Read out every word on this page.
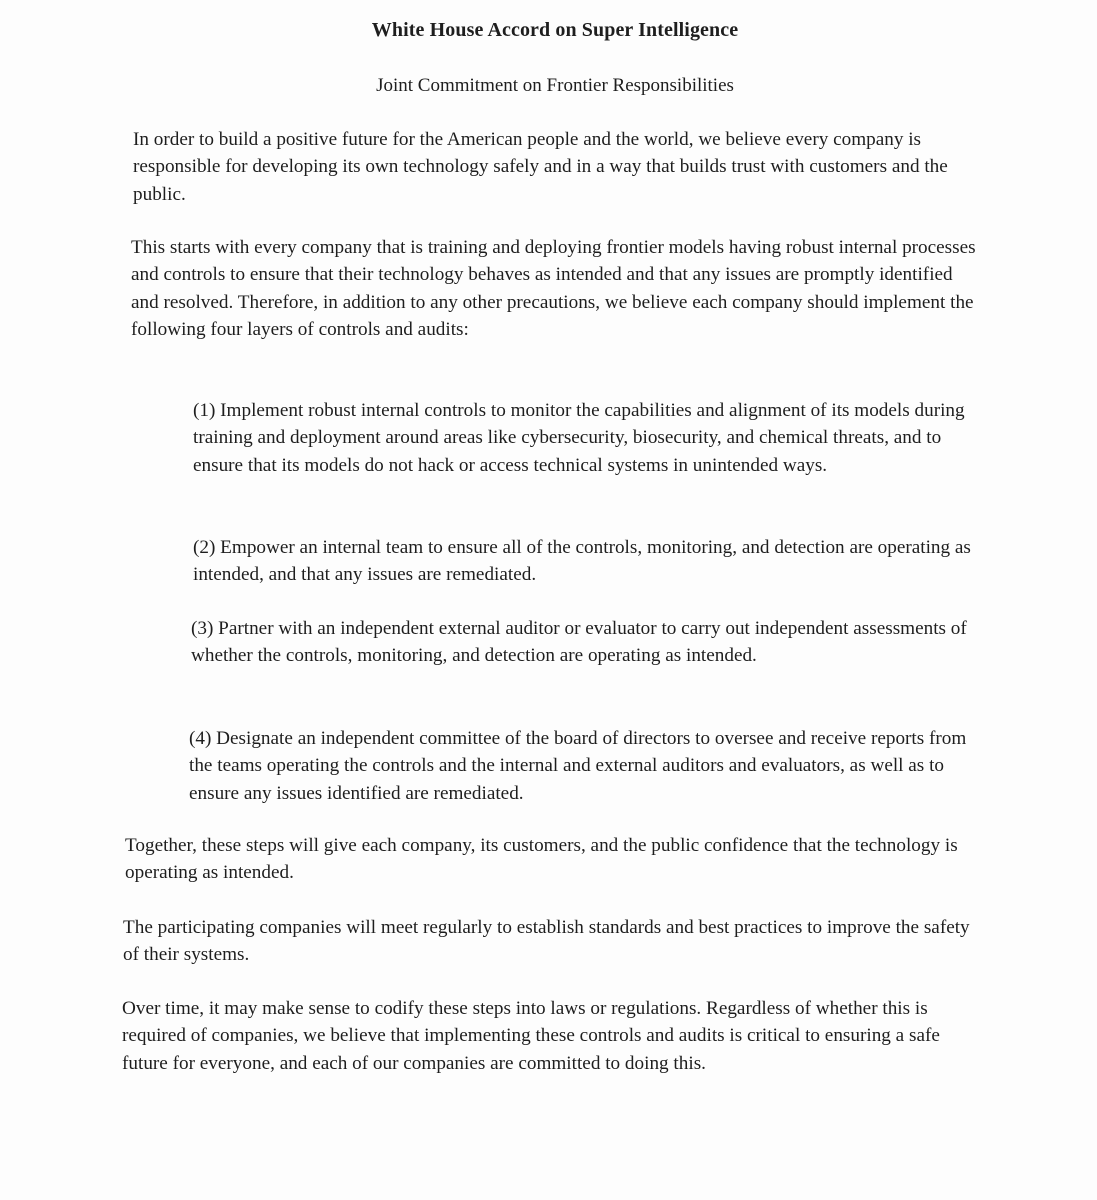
White House Accord on Super Intelligence
Joint Commitment on Frontier Responsibilities

In order to build a positive future for the American people and the world, we believe every company is responsible for developing its own technology safely and in a way that builds trust with customers and the public.

This starts with every company that is training and deploying frontier models having robust internal processes and controls to ensure that their technology behaves as intended and that any issues are promptly identified and resolved. Therefore, in addition to any other precautions, we believe each company should implement the following four layers of controls and audits:

(1) Implement robust internal controls to monitor the capabilities and alignment of its models during training and deployment around areas like cybersecurity, biosecurity, and chemical threats, and to ensure that its models do not hack or access technical systems in unintended ways.

(2) Empower an internal team to ensure all of the controls, monitoring, and detection are operating as intended, and that any issues are remediated.

(3) Partner with an independent external auditor or evaluator to carry out independent assessments of whether the controls, monitoring, and detection are operating as intended.

(4) Designate an independent committee of the board of directors to oversee and receive reports from the teams operating the controls and the internal and external auditors and evaluators, as well as to ensure any issues identified are remediated.

Together, these steps will give each company, its customers, and the public confidence that the technology is operating as intended.

The participating companies will meet regularly to establish standards and best practices to improve the safety of their systems.

Over time, it may make sense to codify these steps into laws or regulations. Regardless of whether this is required of companies, we believe that implementing these controls and audits is critical to ensuring a safe future for everyone, and each of our companies are committed to doing this.
